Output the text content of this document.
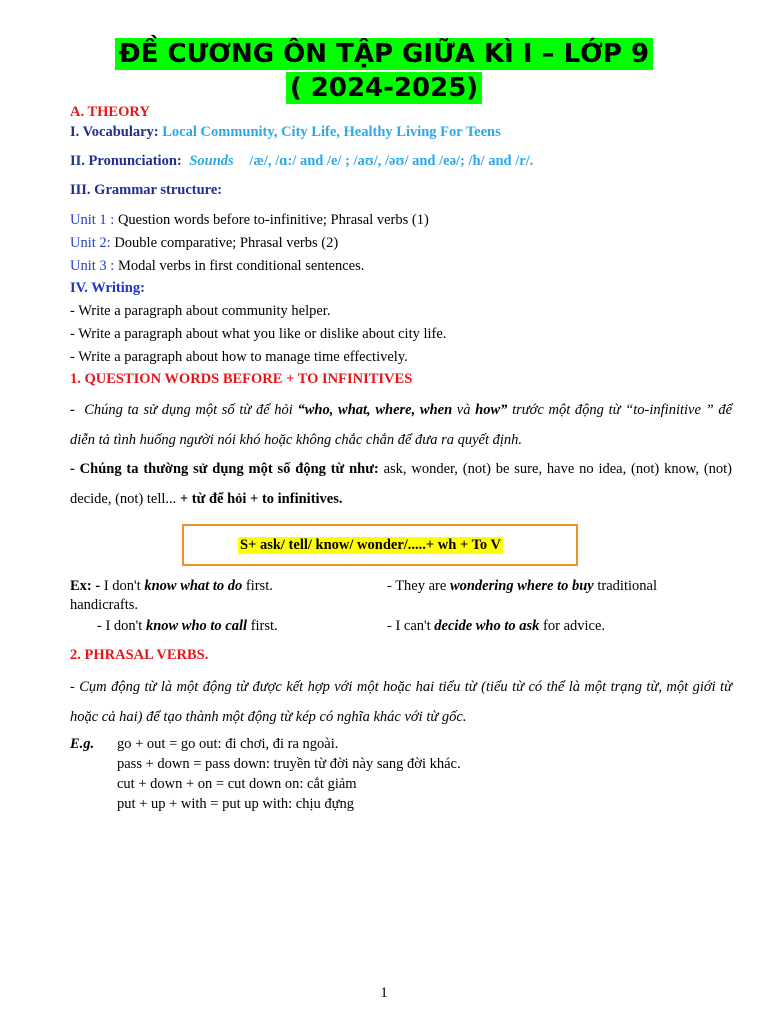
ĐỀ CƯƠNG ÔN TẬP GIỮA KÌ I – LỚP 9
( 2024-2025)
A. THEORY
I. Vocabulary: Local Community, City Life, Healthy Living For Teens
II. Pronunciation: Sounds /æ/, /ɑ:/ and /e/ ; /aʊ/, /əʊ/ and /eə/; /h/ and /r/.
III. Grammar structure:
Unit 1 : Question words before to-infinitive; Phrasal verbs (1)
Unit 2: Double comparative; Phrasal verbs (2)
Unit 3 : Modal verbs in first conditional sentences.
IV. Writing:
- Write a paragraph about community helper.
- Write a paragraph about what you like or dislike about city life.
- Write a paragraph about how to manage time effectively.
1. QUESTION WORDS BEFORE + TO INFINITIVES
- Chúng ta sử dụng một số từ để hỏi “who, what, where, when và how” trước một động từ “to-infinitive ” để diễn tả tình huống người nói khó hoặc không chắc chắn để đưa ra quyết định.
- Chúng ta thường sử dụng một số động từ như: ask, wonder, (not) be sure, have no idea, (not) know, (not) decide, (not) tell... + từ để hỏi + to infinitives.
S+ ask/ tell/ know/ wonder/.....+ wh + To V
Ex: - I don't know what to do first.	- They are wondering where to buy traditional
handicrafts.
- I don't know who to call first.	- I can't decide who to ask for advice.
2. PHRASAL VERBS.
- Cụm động từ là một động từ được kết hợp với một hoặc hai tiểu từ (tiểu từ có thể là một trạng từ, một giới từ hoặc cả hai) để tạo thành một động từ kép có nghĩa khác với từ gốc.
E.g. go + out = go out: đi chơi, đi ra ngoài.
pass + down = pass down: truyền từ đời này sang đời khác.
cut + down + on = cut down on: cắt giảm
put + up + with = put up with: chịu đựng
1
